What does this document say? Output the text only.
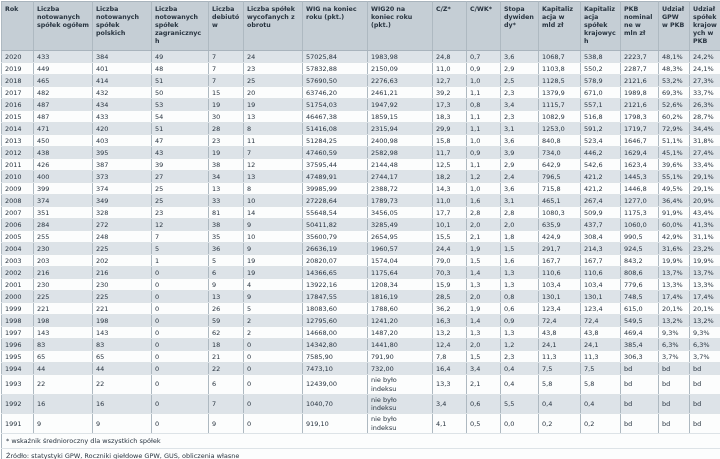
Rok	Liczba notowanych spółek ogółem	Liczba notowanych spółek polskich	Liczba notowanych spółek zagranicznych	Liczba debiutów	Liczba spółek wycofanych z obrotu	WIG na koniec roku (pkt.)	WIG20 na koniec roku (pkt.)	C/Z*	C/WK*	Stopa dywidendy*	Kapitalizacja w mld zł	Kapitalizacja spółek krajowych	PKB nominalne w mln zł	Udział GPW w PKB	Udział spółek krajowych w PKB
2020	433	384	49	7	24	57025,84	1983,98	24,8	0,7	3,6	1068,7	538,8	2223,7	48,1%	24,2%
2019	449	401	48	7	23	57832,88	2150,09	11,0	0,9	2,9	1103,8	550,2	2287,7	48,3%	24,1%
2018	465	414	51	7	25	57690,50	2276,63	12,7	1,0	2,5	1128,5	578,9	2121,6	53,2%	27,3%
2017	482	432	50	15	20	63746,20	2461,21	39,2	1,1	2,3	1379,9	671,0	1989,8	69,3%	33,7%
2016	487	434	53	19	19	51754,03	1947,92	17,3	0,8	3,4	1115,7	557,1	2121,6	52,6%	26,3%
2015	487	433	54	30	13	46467,38	1859,15	18,3	1,1	2,3	1082,9	516,8	1798,3	60,2%	28,7%
2014	471	420	51	28	8	51416,08	2315,94	29,9	1,1	3,1	1253,0	591,2	1719,7	72,9%	34,4%
2013	450	403	47	23	11	51284,25	2400,98	15,8	1,0	3,6	840,8	523,4	1646,7	51,1%	31,8%
2012	438	395	43	19	7	47460,59	2582,98	11,7	0,9	3,9	734,0	446,2	1629,4	45,1%	27,4%
2011	426	387	39	38	12	37595,44	2144,48	12,5	1,1	2,9	642,9	542,6	1623,4	39,6%	33,4%
2010	400	373	27	34	13	47489,91	2744,17	18,2	1,2	2,4	796,5	421,2	1445,3	55,1%	29,1%
2009	399	374	25	13	8	39985,99	2388,72	14,3	1,0	3,6	715,8	421,2	1446,8	49,5%	29,1%
2008	374	349	25	33	10	27228,64	1789,73	11,0	1,6	3,1	465,1	267,4	1277,0	36,4%	20,9%
2007	351	328	23	81	14	55648,54	3456,05	17,7	2,8	2,8	1080,3	509,9	1175,3	91,9%	43,4%
2006	284	272	12	38	9	50411,82	3285,49	10,1	2,0	2,0	635,9	437,7	1060,0	60,0%	41,3%
2005	255	248	7	35	10	35600,79	2654,95	15,5	2,1	1,8	424,9	308,4	990,5	42,9%	31,1%
2004	230	225	5	36	9	26636,19	1960,57	24,4	1,9	1,5	291,7	214,3	924,5	31,6%	23,2%
2003	203	202	1	5	19	20820,07	1574,04	79,0	1,5	1,6	167,7	167,7	843,2	19,9%	19,9%
2002	216	216	0	6	19	14366,65	1175,64	70,3	1,4	1,3	110,6	110,6	808,6	13,7%	13,7%
2001	230	230	0	9	4	13922,16	1208,34	15,9	1,3	1,3	103,4	103,4	779,6	13,3%	13,3%
2000	225	225	0	13	9	17847,55	1816,19	28,5	2,0	0,8	130,1	130,1	748,5	17,4%	17,4%
1999	221	221	0	26	5	18083,60	1788,60	36,2	1,9	0,6	123,4	123,4	615,0	20,1%	20,1%
1998	198	198	0	59	2	12795,60	1241,20	16,3	1,4	0,9	72,4	72,4	549,5	13,2%	13,2%
1997	143	143	0	62	2	14668,00	1487,20	13,2	1,3	1,3	43,8	43,8	469,4	9,3%	9,3%
1996	83	83	0	18	0	14342,80	1441,80	12,4	2,0	1,2	24,1	24,1	385,4	6,3%	6,3%
1995	65	65	0	21	0	7585,90	791,90	7,8	1,5	2,3	11,3	11,3	306,3	3,7%	3,7%
1994	44	44	0	22	0	7473,10	732,00	16,4	3,4	0,4	7,5	7,5	bd	bd	bd
1993	22	22	0	6	0	12439,00	nie było indeksu	13,3	2,1	0,4	5,8	5,8	bd	bd	bd
1992	16	16	0	7	0	1040,70	nie było indeksu	3,4	0,6	5,5	0,4	0,4	bd	bd	bd
1991	9	9	0	9	0	919,10	nie było indeksu	4,1	0,5	0,0	0,2	0,2	bd	bd	bd
* wskaźnik średnioroczny dla wszystkich spółek															
Źródło: statystyki GPW, Roczniki giełdowe GPW, GUS, obliczenia własne															
